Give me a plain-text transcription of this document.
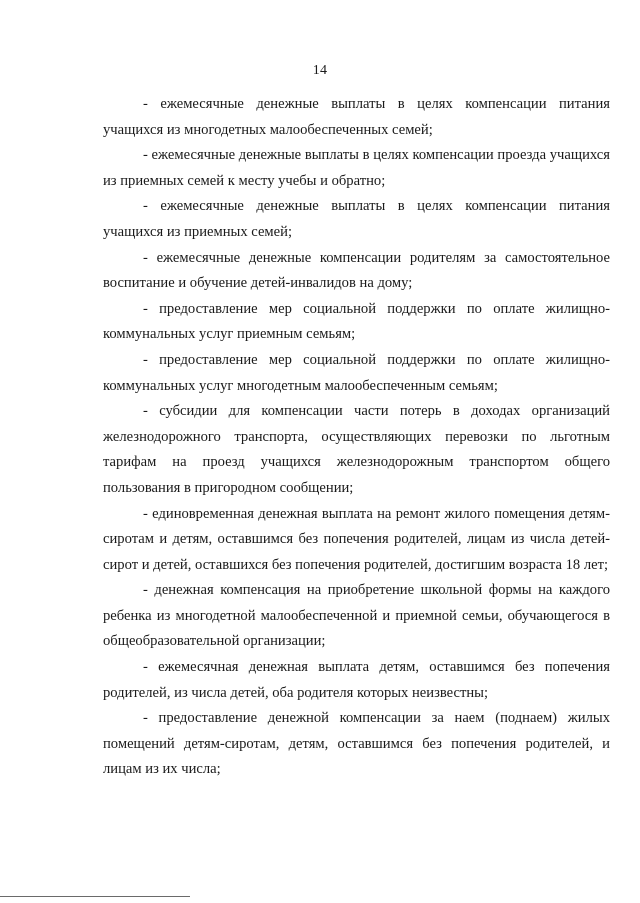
14

- ежемесячные денежные выплаты в целях компенсации питания учащихся из многодетных малообеспеченных семей;

- ежемесячные денежные выплаты в целях компенсации проезда учащихся из приемных семей к месту учебы и обратно;

- ежемесячные денежные выплаты в целях компенсации питания учащихся из приемных семей;

- ежемесячные денежные компенсации родителям за самостоятельное воспитание и обучение детей-инвалидов на дому;

- предоставление мер социальной поддержки по оплате жилищно-коммунальных услуг приемным семьям;

- предоставление мер социальной поддержки по оплате жилищно-коммунальных услуг многодетным малообеспеченным семьям;

- субсидии для компенсации части потерь в доходах организаций железнодорожного транспорта, осуществляющих перевозки по льготным тарифам на проезд учащихся железнодорожным транспортом общего пользования в пригородном сообщении;

- единовременная денежная выплата на ремонт жилого помещения детям-сиротам и детям, оставшимся без попечения родителей, лицам из числа детей-сирот и детей, оставшихся без попечения родителей, достигшим возраста 18 лет;

- денежная компенсация на приобретение школьной формы на каждого ребенка из многодетной малообеспеченной и приемной семьи, обучающегося в общеобразовательной организации;

- ежемесячная денежная выплата детям, оставшимся без попечения родителей, из числа детей, оба родителя которых неизвестны;

- предоставление денежной компенсации за наем (поднаем) жилых помещений детям-сиротам, детям, оставшимся без попечения родителей, и лицам из их числа;
